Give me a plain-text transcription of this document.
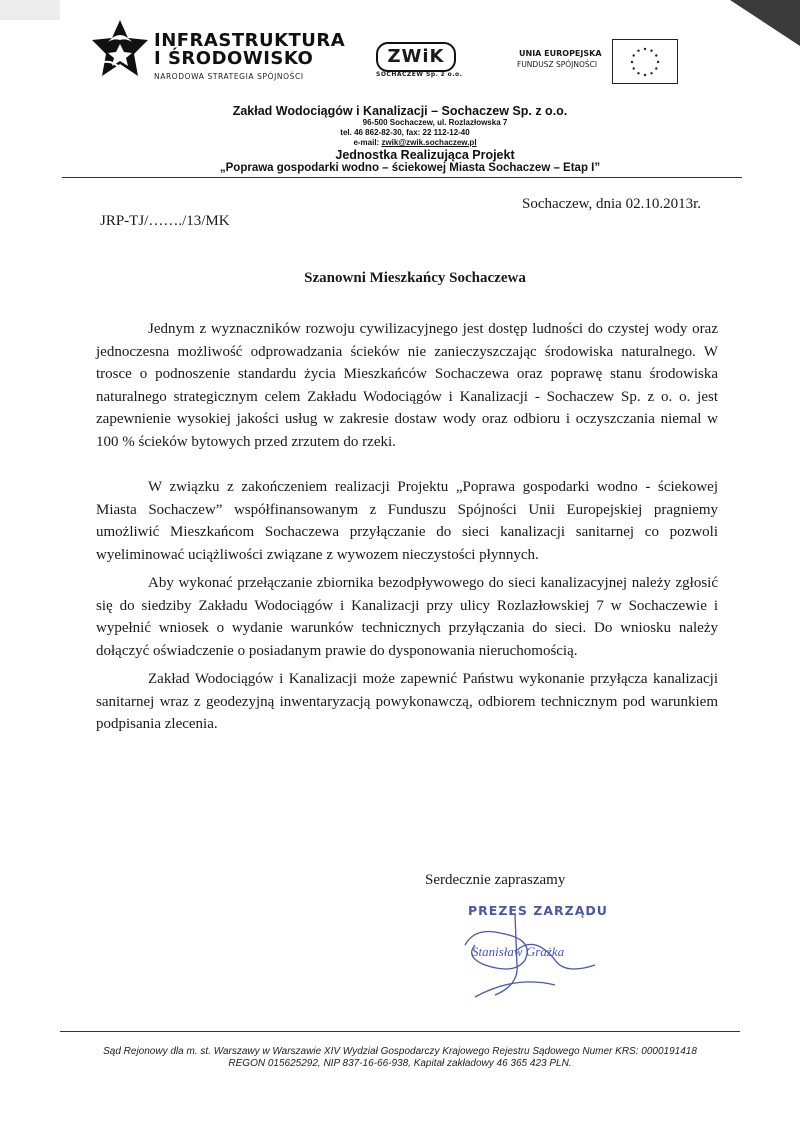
INFRASTRUKTURA
I ŚRODOWISKO
NARODOWA STRATEGIA SPÓJNOŚCI
ZWiK
SOCHACZEW Sp. z o.o.
UNIA EUROPEJSKA
FUNDUSZ SPÓJNOŚCI
Zakład Wodociągów i Kanalizacji – Sochaczew Sp. z o.o.
96-500 Sochaczew, ul. Rozlazłowska 7
tel. 46 862-82-30, fax: 22 112-12-40
e-mail: zwik@zwik.sochaczew.pl
Jednostka Realizująca Projekt
„Poprawa gospodarki wodno – ściekowej Miasta Sochaczew – Etap I”
Sochaczew, dnia 02.10.2013r.
JRP-TJ/……./13/MK
Szanowni Mieszkańcy Sochaczewa

Jednym z wyznaczników rozwoju cywilizacyjnego jest dostęp ludności do czystej wody oraz jednoczesna możliwość odprowadzania ścieków nie zanieczyszczając środowiska naturalnego. W trosce o podnoszenie standardu życia Mieszkańców Sochaczewa oraz poprawę stanu środowiska naturalnego strategicznym celem Zakładu Wodociągów i Kanalizacji - Sochaczew Sp. z o. o. jest zapewnienie wysokiej jakości usług w zakresie dostaw wody oraz odbioru i oczyszczania niemal w 100 % ścieków bytowych przed zrzutem do rzeki.

W związku z zakończeniem realizacji Projektu „Poprawa gospodarki wodno - ściekowej Miasta Sochaczew” współfinansowanym z Funduszu Spójności Unii Europejskiej pragniemy umożliwić Mieszkańcom Sochaczewa przyłączanie do sieci kanalizacji sanitarnej co pozwoli wyeliminować uciążliwości związane z wywozem nieczystości płynnych.

Aby wykonać przełączanie zbiornika bezodpływowego do sieci kanalizacyjnej należy zgłosić się do siedziby Zakładu Wodociągów i Kanalizacji przy ulicy Rozlazłowskiej 7 w Sochaczewie i wypełnić wniosek o wydanie warunków technicznych przyłączania do sieci. Do wniosku należy dołączyć oświadczenie o posiadanym prawie do dysponowania nieruchomością.

Zakład Wodociągów i Kanalizacji może zapewnić Państwu wykonanie przyłącza kanalizacji sanitarnej wraz z geodezyjną inwentaryzacją powykonawczą, odbiorem technicznym pod warunkiem podpisania zlecenia.

Serdecznie zapraszamy
PREZES ZARZĄDU
Stanisław Grażka
Sąd Rejonowy dla m. st. Warszawy w Warszawie XIV Wydział Gospodarczy Krajowego Rejestru Sądowego Numer KRS: 0000191418
REGON 015625292, NIP 837-16-66-938, Kapitał zakładowy 46 365 423 PLN.
